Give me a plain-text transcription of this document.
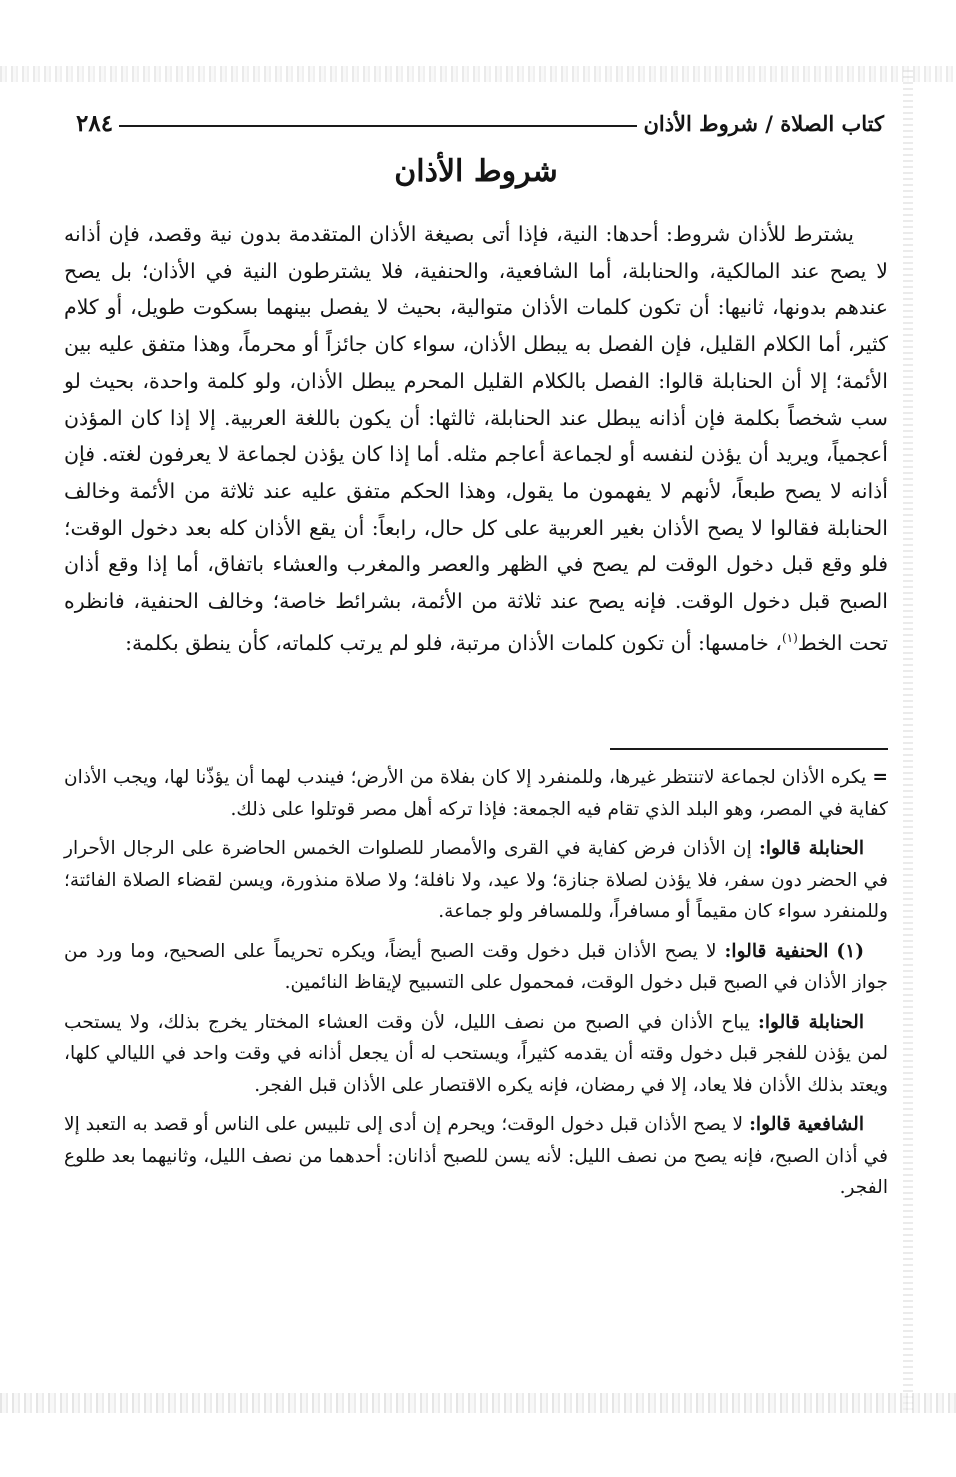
كتاب الصلاة / شروط الأذان
٢٨٤
شروط الأذان

يشترط للأذان شروط: أحدها: النية، فإذا أتى بصيغة الأذان المتقدمة بدون نية وقصد، فإن أذانه لا يصح عند المالكية، والحنابلة، أما الشافعية، والحنفية، فلا يشترطون النية في الأذان؛ بل يصح عندهم بدونها، ثانيها: أن تكون كلمات الأذان متوالية، بحيث لا يفصل بينهما بسكوت طويل، أو كلام كثير، أما الكلام القليل، فإن الفصل به يبطل الأذان، سواء كان جائزاً أو محرماً، وهذا متفق عليه بين الأئمة؛ إلا أن الحنابلة قالوا: الفصل بالكلام القليل المحرم يبطل الأذان، ولو كلمة واحدة، بحيث لو سب شخصاً بكلمة فإن أذانه يبطل عند الحنابلة، ثالثها: أن يكون باللغة العربية. إلا إذا كان المؤذن أعجمياً، ويريد أن يؤذن لنفسه أو لجماعة أعاجم مثله. أما إذا كان يؤذن لجماعة لا يعرفون لغته. فإن أذانه لا يصح طبعاً، لأنهم لا يفهمون ما يقول، وهذا الحكم متفق عليه عند ثلاثة من الأئمة وخالف الحنابلة فقالوا لا يصح الأذان بغير العربية على كل حال، رابعاً: أن يقع الأذان كله بعد دخول الوقت؛ فلو وقع قبل دخول الوقت لم يصح في الظهر والعصر والمغرب والعشاء باتفاق، أما إذا وقع أذان الصبح قبل دخول الوقت. فإنه يصح عند ثلاثة من الأئمة، بشرائط خاصة؛ وخالف الحنفية، فانظره تحت الخط$^{(١)}$، خامسها: أن تكون كلمات الأذان مرتبة، فلو لم يرتب كلماته، كأن ينطق بكلمة:

= يكره الأذان لجماعة لاتنتظر غيرها، وللمنفرد إلا كان بفلاة من الأرض؛ فيندب لهما أن يؤذّنا لها، ويجب الأذان كفاية في المصر، وهو البلد الذي تقام فيه الجمعة: فإذا تركه أهل مصر قوتلوا على ذلك.

الحنابلة قالوا: إن الأذان فرض كفاية في القرى والأمصار للصلوات الخمس الحاضرة على الرجال الأحرار في الحضر دون سفر، فلا يؤذن لصلاة جنازة؛ ولا عيد، ولا نافلة؛ ولا صلاة منذورة، ويسن لقضاء الصلاة الفائتة؛ وللمنفرد سواء كان مقيماً أو مسافراً، وللمسافر ولو جماعة.

(١) الحنفية قالوا: لا يصح الأذان قبل دخول وقت الصبح أيضاً، ويكره تحريماً على الصحيح، وما ورد من جواز الأذان في الصبح قبل دخول الوقت، فمحمول على التسبيح لإيقاظ النائمين.

الحنابلة قالوا: يباح الأذان في الصبح من نصف الليل، لأن وقت العشاء المختار يخرج بذلك، ولا يستحب لمن يؤذن للفجر قبل دخول وقته أن يقدمه كثيراً، ويستحب له أن يجعل أذانه في وقت واحد في الليالي كلها، ويعتد بذلك الأذان فلا يعاد، إلا في رمضان، فإنه يكره الاقتصار على الأذان قبل الفجر.

الشافعية قالوا: لا يصح الأذان قبل دخول الوقت؛ ويحرم إن أدى إلى تلبيس على الناس أو قصد به التعبد إلا في أذان الصبح، فإنه يصح من نصف الليل: لأنه يسن للصبح أذانان: أحدهما من نصف الليل، وثانيهما بعد طلوع الفجر.
